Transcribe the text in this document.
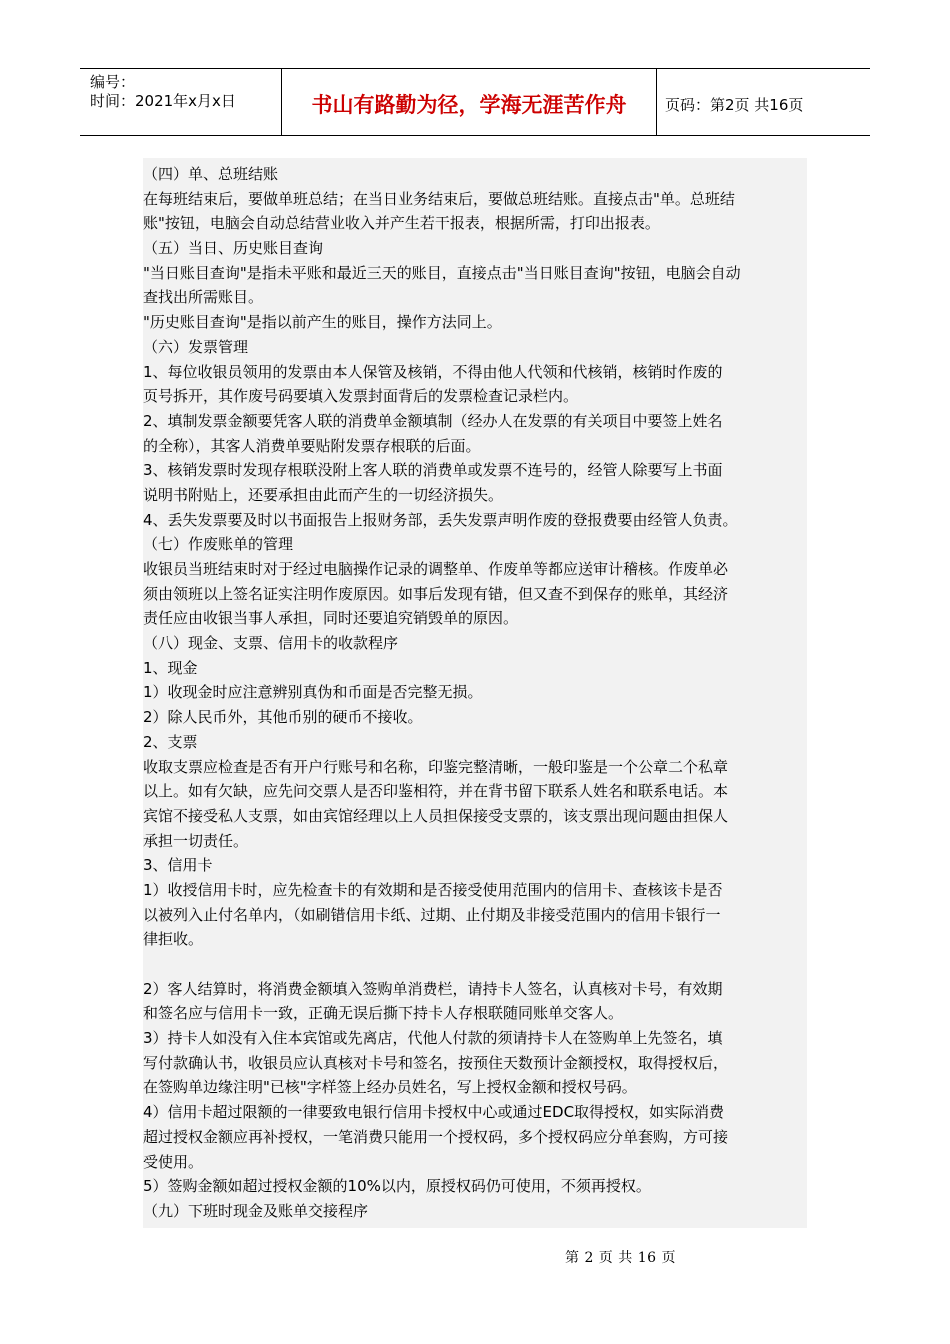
编号：
时间：2021年x月x日	书山有路勤为径，学海无涯苦作舟	页码：第2页 共16页
（四）单、总班结账
在每班结束后，要做单班总结；在当日业务结束后，要做总班结账。直接点击"单。总班结
账"按钮，电脑会自动总结营业收入并产生若干报表，根据所需，打印出报表。
（五）当日、历史账目查询
"当日账目查询"是指未平账和最近三天的账目，直接点击"当日账目查询"按钮，电脑会自动
查找出所需账目。
"历史账目查询"是指以前产生的账目，操作方法同上。
（六）发票管理
1、每位收银员领用的发票由本人保管及核销，不得由他人代领和代核销，核销时作废的
页号拆开，其作废号码要填入发票封面背后的发票检查记录栏内。
2、填制发票金额要凭客人联的消费单金额填制（经办人在发票的有关项目中要签上姓名
的全称），其客人消费单要贴附发票存根联的后面。
3、核销发票时发现存根联没附上客人联的消费单或发票不连号的，经管人除要写上书面
说明书附贴上，还要承担由此而产生的一切经济损失。
4、丢失发票要及时以书面报告上报财务部，丢失发票声明作废的登报费要由经管人负责。
（七）作废账单的管理
收银员当班结束时对于经过电脑操作记录的调整单、作废单等都应送审计稽核。作废单必
须由领班以上签名证实注明作废原因。如事后发现有错，但又查不到保存的账单，其经济
责任应由收银当事人承担，同时还要追究销毁单的原因。
（八）现金、支票、信用卡的收款程序
1、现金
1）收现金时应注意辨别真伪和币面是否完整无损。
2）除人民币外，其他币别的硬币不接收。
2、支票
收取支票应检查是否有开户行账号和名称，印鉴完整清晰，一般印鉴是一个公章二个私章
以上。如有欠缺，应先问交票人是否印鉴相符，并在背书留下联系人姓名和联系电话。本
宾馆不接受私人支票，如由宾馆经理以上人员担保接受支票的，该支票出现问题由担保人
承担一切责任。
3、信用卡
1）收授信用卡时，应先检查卡的有效期和是否接受使用范围内的信用卡、查核该卡是否
以被列入止付名单内，（如刷错信用卡纸、过期、止付期及非接受范围内的信用卡银行一
律拒收。
2）客人结算时，将消费金额填入签购单消费栏，请持卡人签名，认真核对卡号，有效期
和签名应与信用卡一致，正确无误后撕下持卡人存根联随同账单交客人。
3）持卡人如没有入住本宾馆或先离店，代他人付款的须请持卡人在签购单上先签名，填
写付款确认书，收银员应认真核对卡号和签名，按预住天数预计金额授权，取得授权后，
在签购单边缘注明"已核"字样签上经办员姓名，写上授权金额和授权号码。
4）信用卡超过限额的一律要致电银行信用卡授权中心或通过EDC取得授权，如实际消费
超过授权金额应再补授权，一笔消费只能用一个授权码，多个授权码应分单套购，方可接
受使用。
5）签购金额如超过授权金额的10%以内，原授权码仍可使用，不须再授权。
（九）下班时现金及账单交接程序
第 2 页 共 16 页
